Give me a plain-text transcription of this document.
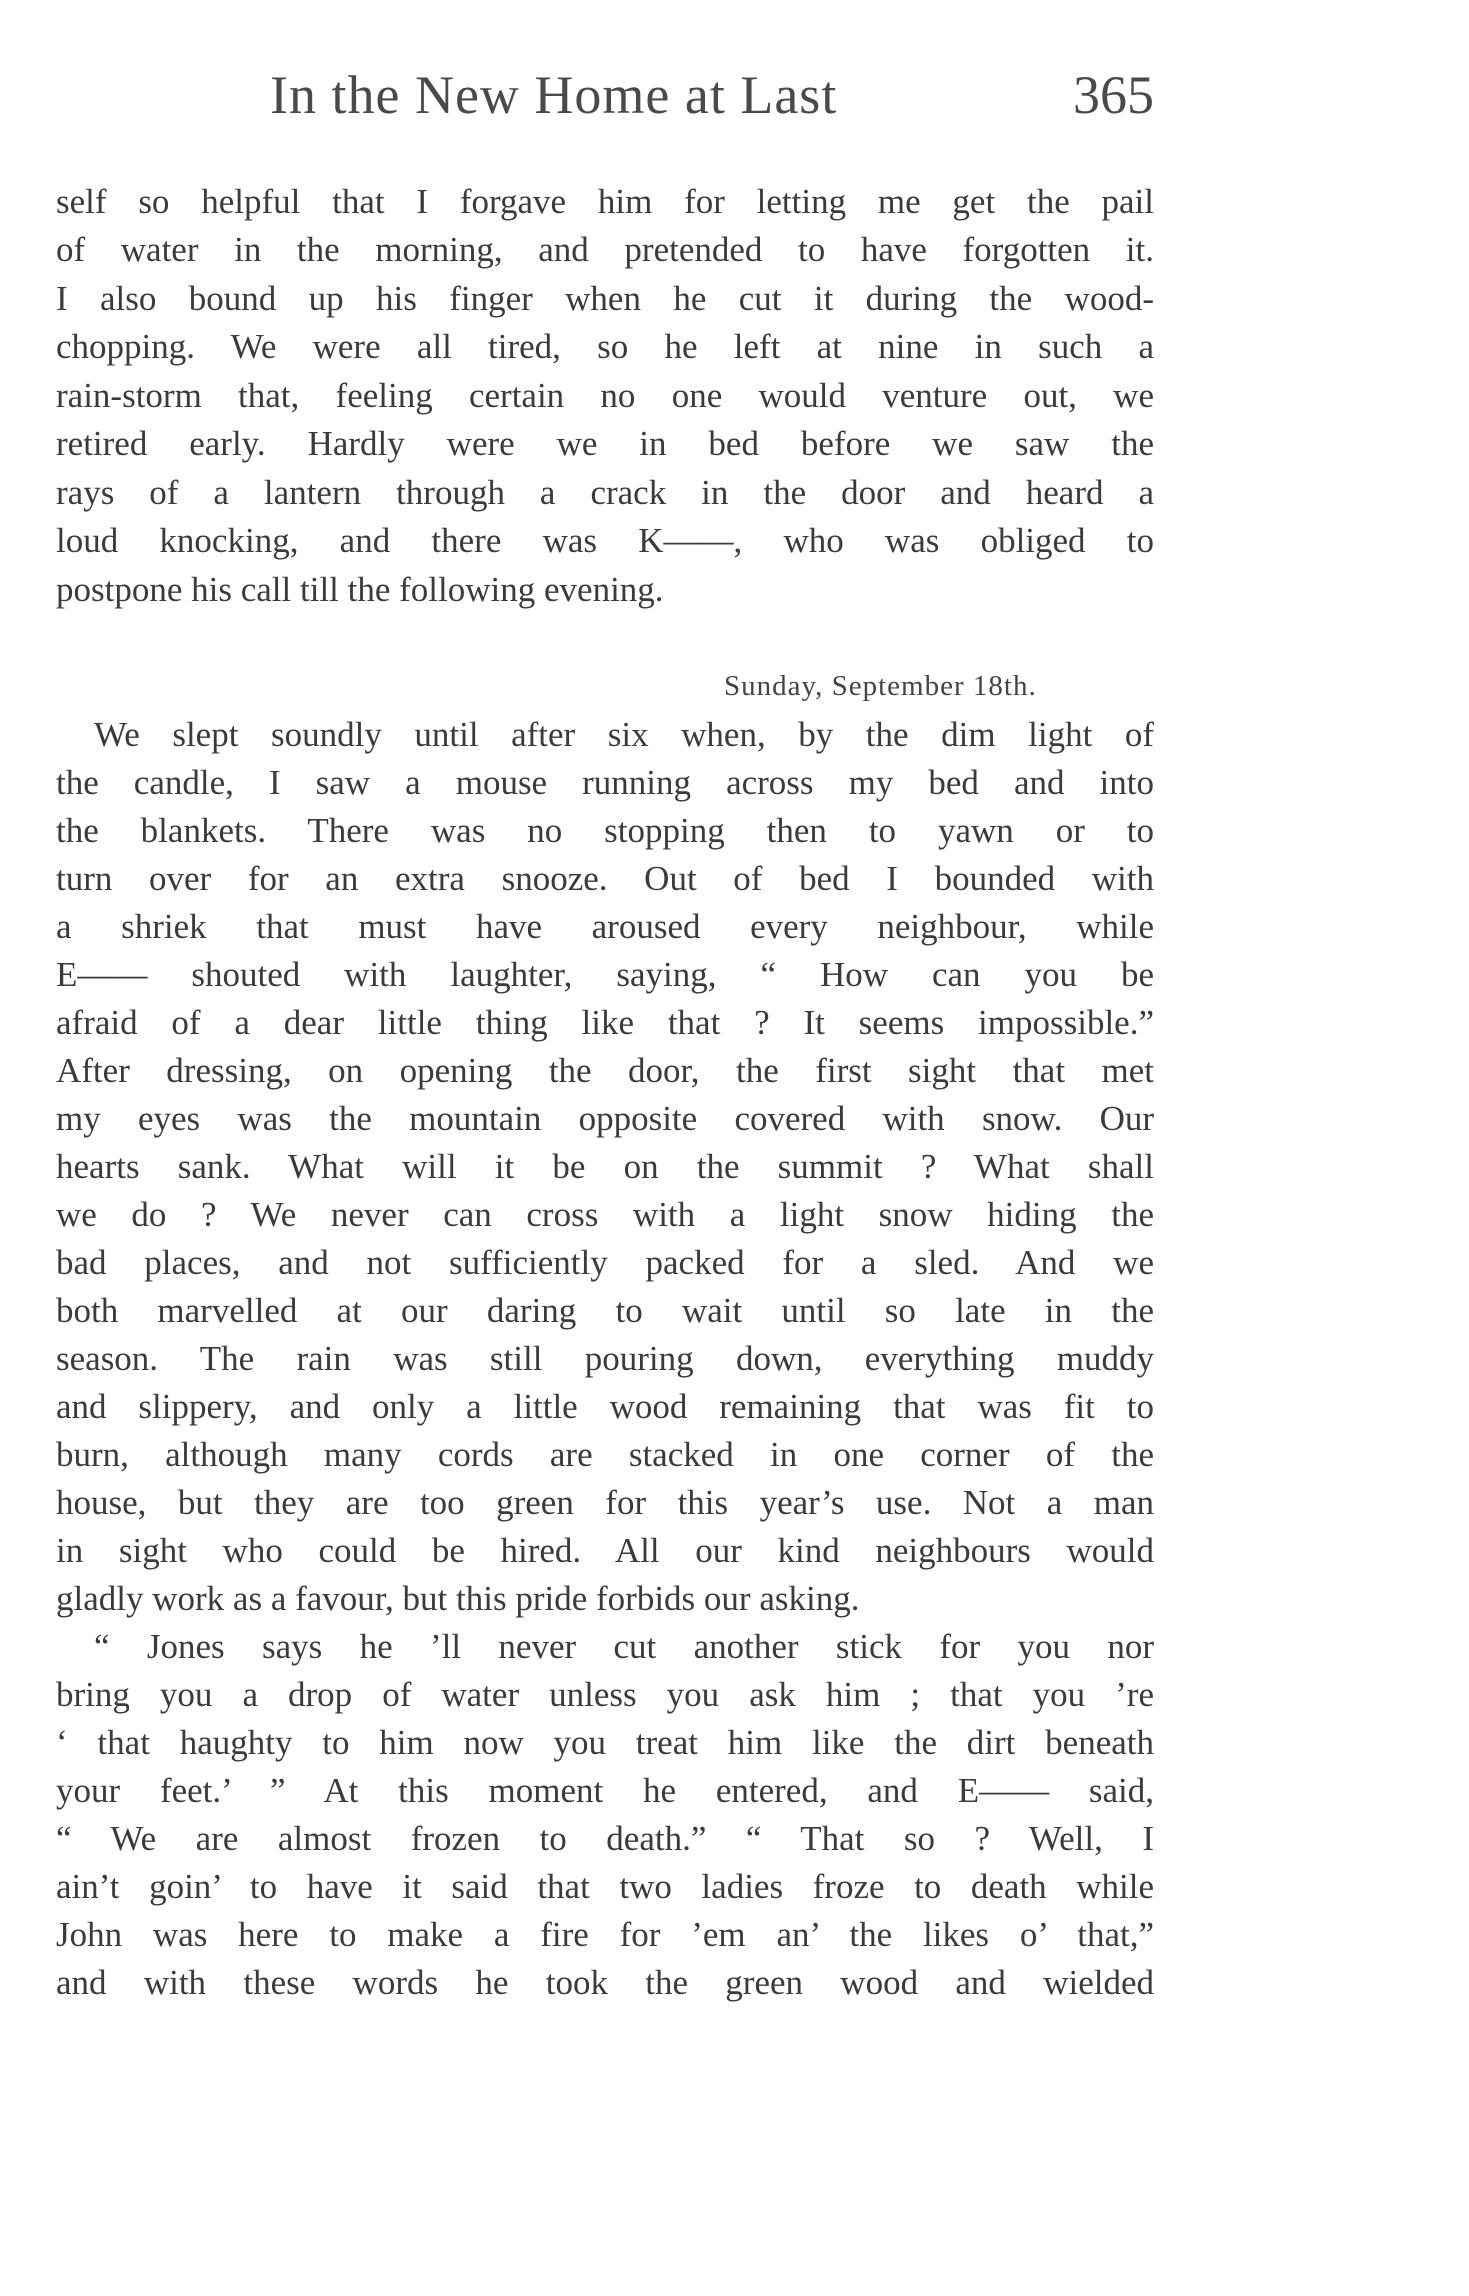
In the New Home at Last	365
self so helpful that I forgave him for letting me get the pail
of water in the morning, and pretended to have forgotten it.
I also bound up his finger when he cut it during the wood-
chopping. We were all tired, so he left at nine in such a
rain-storm that, feeling certain no one would venture out, we
retired early. Hardly were we in bed before we saw the
rays of a lantern through a crack in the door and heard a
loud knocking, and there was K——, who was obliged to
postpone his call till the following evening.
Sunday, September 18th.
We slept soundly until after six when, by the dim light of
the candle, I saw a mouse running across my bed and into
the blankets. There was no stopping then to yawn or to
turn over for an extra snooze. Out of bed I bounded with
a shriek that must have aroused every neighbour, while
E—— shouted with laughter, saying, “ How can you be
afraid of a dear little thing like that ? It seems impossible.”
After dressing, on opening the door, the first sight that met
my eyes was the mountain opposite covered with snow. Our
hearts sank. What will it be on the summit ? What shall
we do ? We never can cross with a light snow hiding the
bad places, and not sufficiently packed for a sled. And we
both marvelled at our daring to wait until so late in the
season. The rain was still pouring down, everything muddy
and slippery, and only a little wood remaining that was fit to
burn, although many cords are stacked in one corner of the
house, but they are too green for this year’s use. Not a man
in sight who could be hired. All our kind neighbours would
gladly work as a favour, but this pride forbids our asking.
“ Jones says he ’ll never cut another stick for you nor
bring you a drop of water unless you ask him ; that you ’re
‘ that haughty to him now you treat him like the dirt beneath
your feet.’ ” At this moment he entered, and E—— said,
“ We are almost frozen to death.” “ That so ? Well, I
ain’t goin’ to have it said that two ladies froze to death while
John was here to make a fire for ’em an’ the likes o’ that,”
and with these words he took the green wood and wielded
